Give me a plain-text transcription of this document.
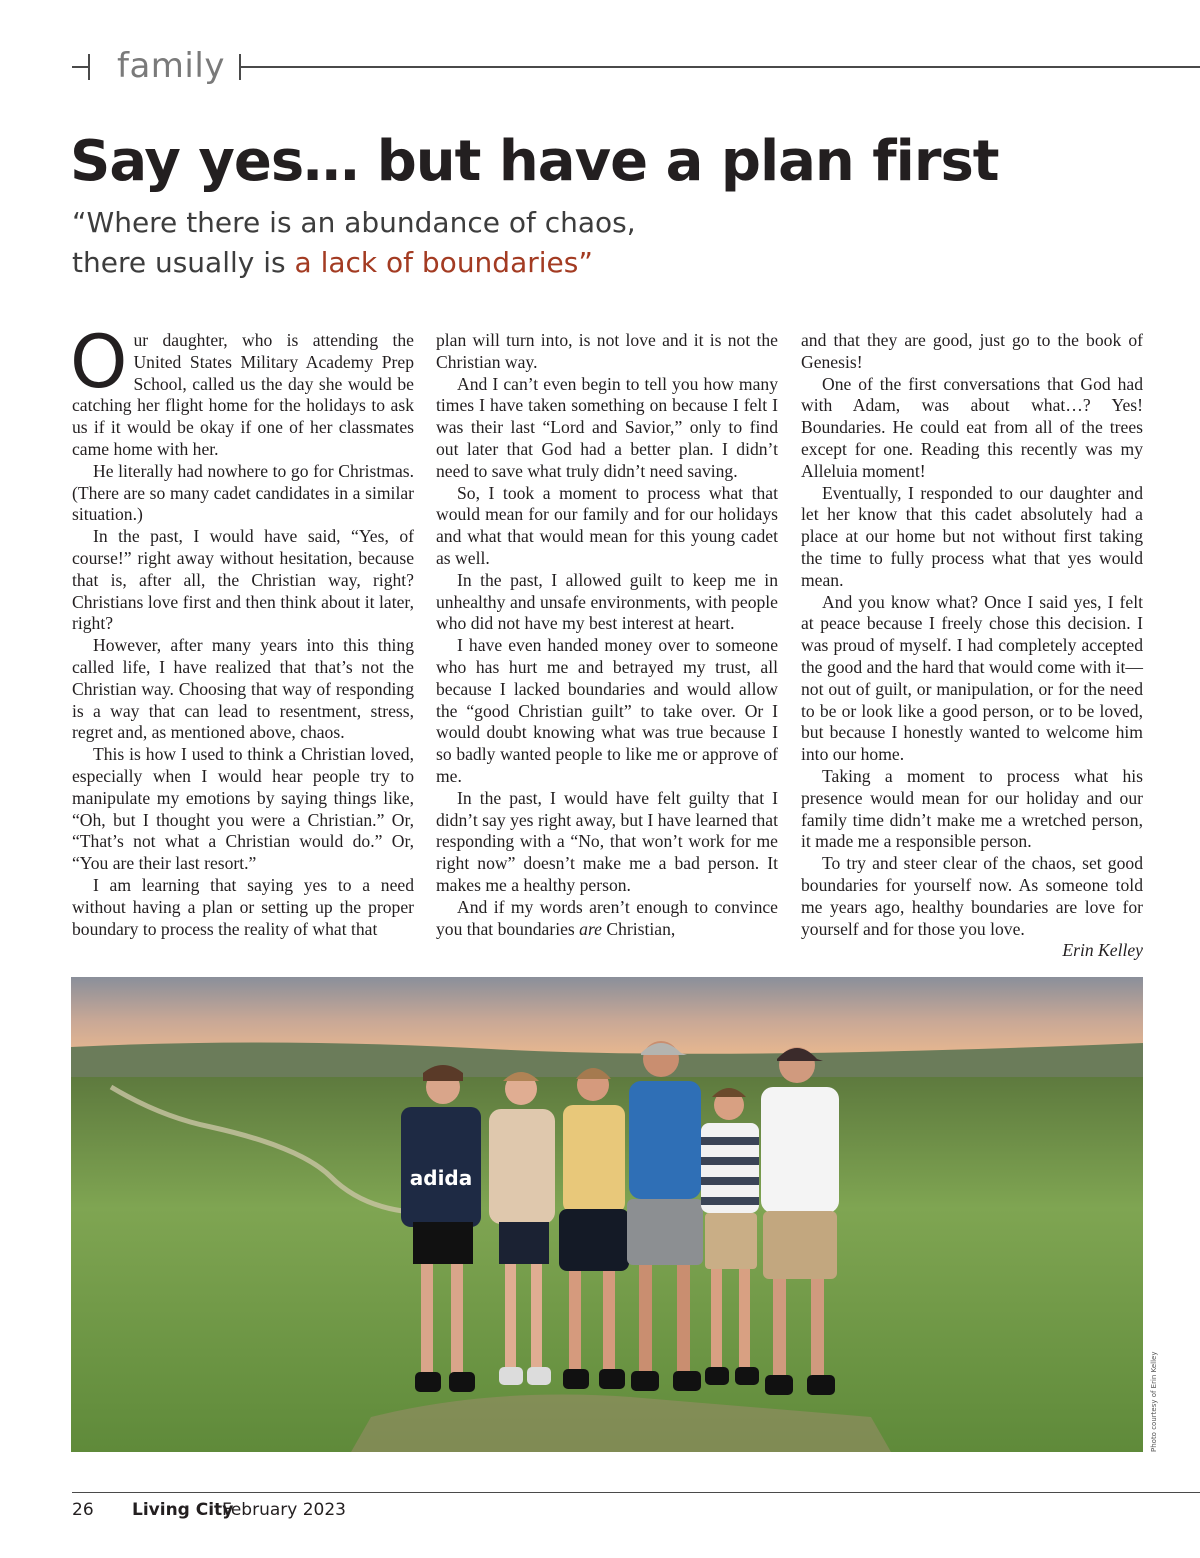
family
Say yes… but have a plan first
“Where there is an abundance of chaos,
there usually is a lack of boundaries”

Our daughter, who is attending the United States Military Academy Prep School, called us the day she would be catching her flight home for the holidays to ask us if it would be okay if one of her classmates came home with her.

He literally had nowhere to go for Christmas. (There are so many cadet candidates in a similar situation.)

In the past, I would have said, “Yes, of course!” right away without hesitation, because that is, after all, the Christian way, right? Christians love first and then think about it later, right?

However, after many years into this thing called life, I have realized that that’s not the Christian way. Choosing that way of responding is a way that can lead to resentment, stress, regret and, as mentioned above, chaos.

This is how I used to think a Christian loved, especially when I would hear people try to manipulate my emotions by saying things like, “Oh, but I thought you were a Christian.” Or, “That’s not what a Christian would do.” Or, “You are their last resort.”

I am learning that saying yes to a need without having a plan or setting up the proper boundary to process the reality of what that

plan will turn into, is not love and it is not the Christian way.

And I can’t even begin to tell you how many times I have taken something on because I felt I was their last “Lord and Savior,” only to find out later that God had a better plan. I didn’t need to save what truly didn’t need saving.

So, I took a moment to process what that would mean for our family and for our holidays and what that would mean for this young cadet as well.

In the past, I allowed guilt to keep me in unhealthy and unsafe environments, with people who did not have my best interest at heart.

I have even handed money over to someone who has hurt me and betrayed my trust, all because I lacked boundaries and would allow the “good Christian guilt” to take over. Or I would doubt knowing what was true because I so badly wanted people to like me or approve of me.

In the past, I would have felt guilty that I didn’t say yes right away, but I have learned that responding with a “No, that won’t work for me right now” doesn’t make me a bad person. It makes me a healthy person.

And if my words aren’t enough to convince you that boundaries are Christian,

and that they are good, just go to the book of Genesis!

One of the first conversations that God had with Adam, was about what…? Yes! Boundaries. He could eat from all of the trees except for one. Reading this recently was my Alleluia moment!

Eventually, I responded to our daughter and let her know that this cadet absolutely had a place at our home but not without first taking the time to fully process what that yes would mean.

And you know what? Once I said yes, I felt at peace because I freely chose this decision. I was proud of myself. I had completely accepted the good and the hard that would come with it—not out of guilt, or manipulation, or for the need to be or look like a good person, or to be loved, but because I honestly wanted to welcome him into our home.

Taking a moment to process what his presence would mean for our holiday and our family time didn’t make me a wretched person, it made me a responsible person.

To try and steer clear of the chaos, set good boundaries for yourself now. As someone told me years ago, healthy boundaries are love for yourself and for those you love.

Erin Kelley

adida
Photo courtesy of Erin Kelley
26 Living City
February 2023
